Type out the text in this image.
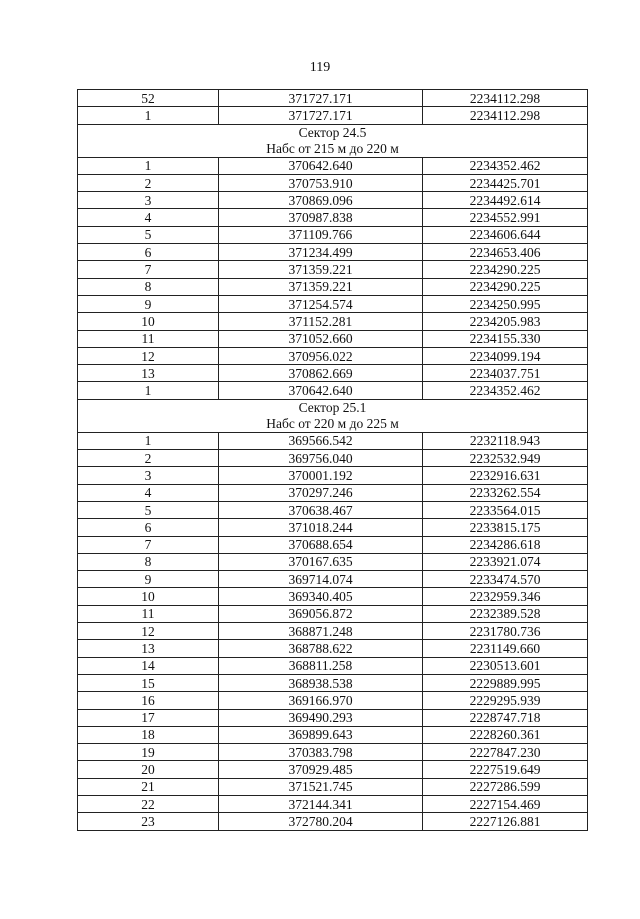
119
52	371727.171	2234112.298
1	371727.171	2234112.298

Сектор 24.5
Набс от 215 м до 220 м		

1	370642.640	2234352.462
2	370753.910	2234425.701
3	370869.096	2234492.614
4	370987.838	2234552.991
5	371109.766	2234606.644
6	371234.499	2234653.406
7	371359.221	2234290.225
8	371359.221	2234290.225
9	371254.574	2234250.995
10	371152.281	2234205.983
11	371052.660	2234155.330
12	370956.022	2234099.194
13	370862.669	2234037.751
1	370642.640	2234352.462

Сектор 25.1
Набс от 220 м до 225 м		

1	369566.542	2232118.943
2	369756.040	2232532.949
3	370001.192	2232916.631
4	370297.246	2233262.554
5	370638.467	2233564.015
6	371018.244	2233815.175
7	370688.654	2234286.618
8	370167.635	2233921.074
9	369714.074	2233474.570
10	369340.405	2232959.346
11	369056.872	2232389.528
12	368871.248	2231780.736
13	368788.622	2231149.660
14	368811.258	2230513.601
15	368938.538	2229889.995
16	369166.970	2229295.939
17	369490.293	2228747.718
18	369899.643	2228260.361
19	370383.798	2227847.230
20	370929.485	2227519.649
21	371521.745	2227286.599
22	372144.341	2227154.469
23	372780.204	2227126.881
